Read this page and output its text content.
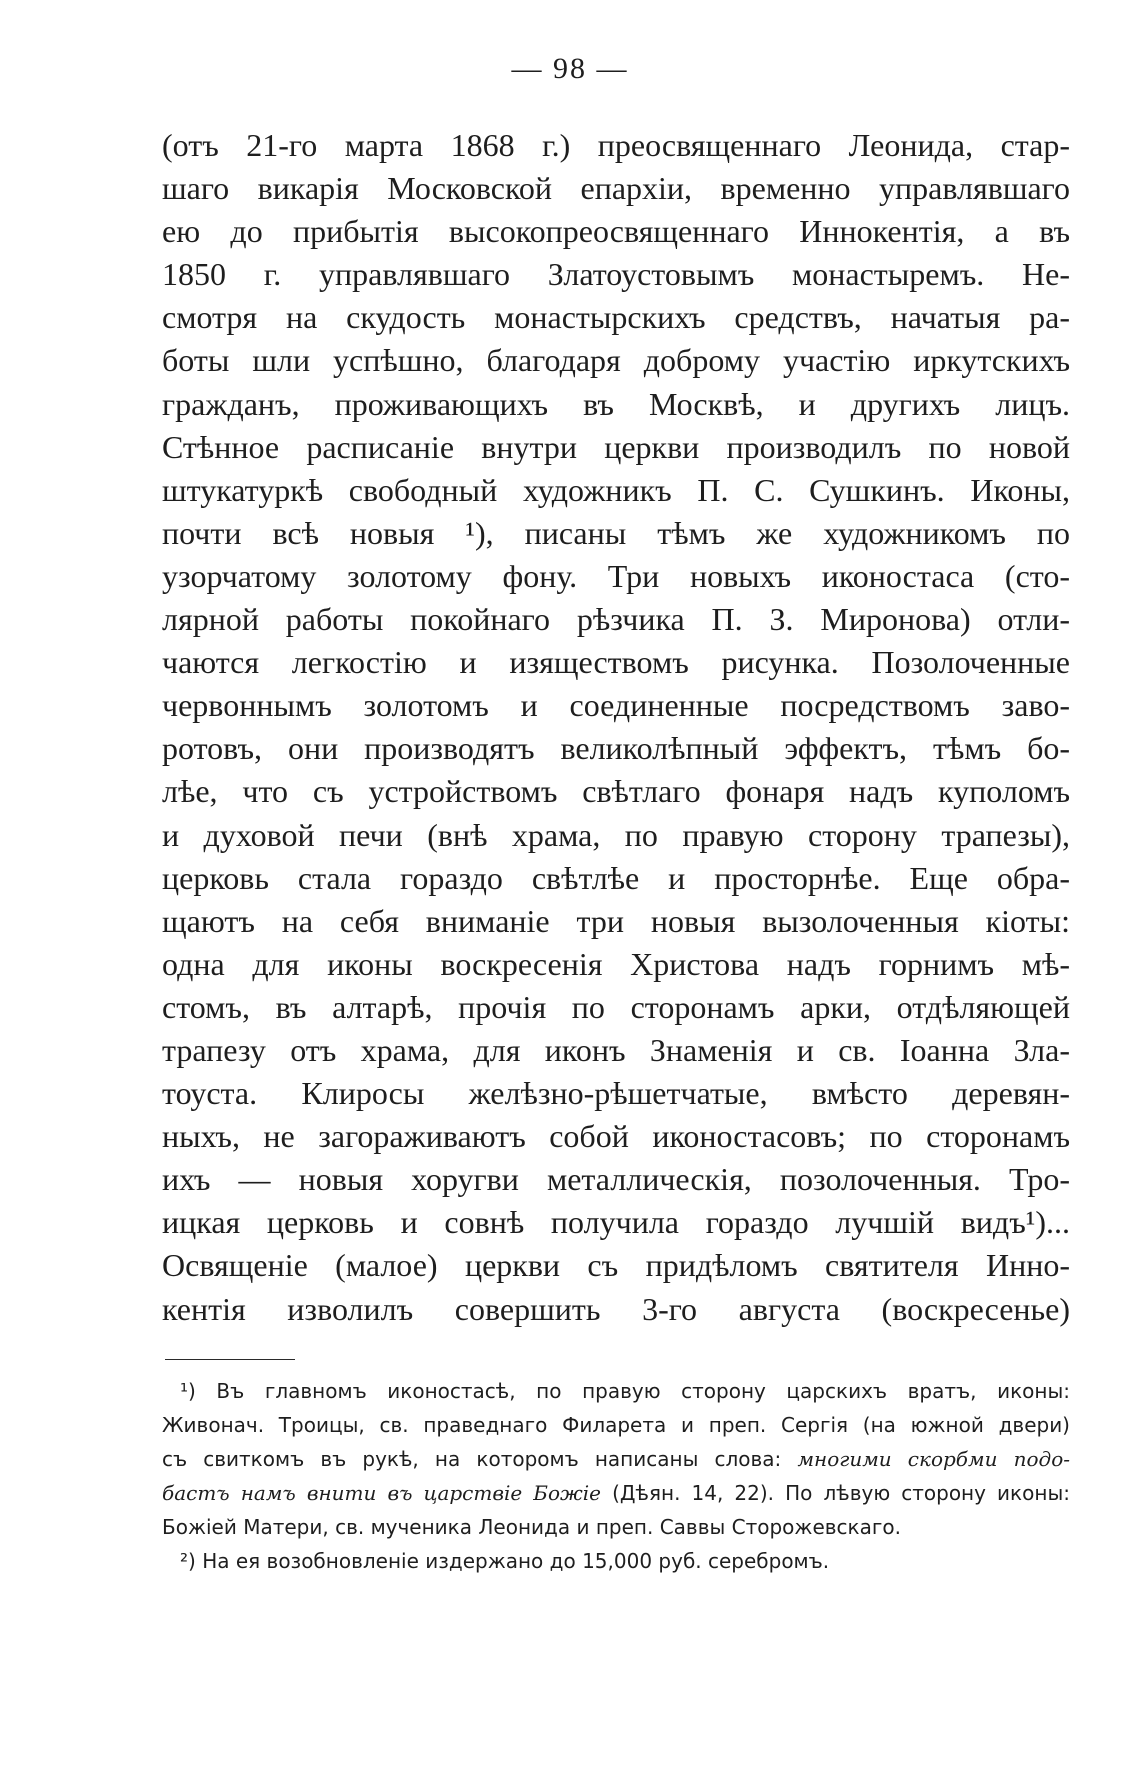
— 98 —
(отъ 21-го марта 1868 г.) преосвященнаго Леонида, стар-
шаго викарія Московской епархіи, временно управлявшаго
ею до прибытія высокопреосвященнаго Иннокентія, а въ
1850 г. управлявшаго Златоустовымъ монастыремъ. Не-
смотря на скудость монастырскихъ средствъ, начатыя ра-
боты шли успѣшно, благодаря доброму участію иркутскихъ
гражданъ, проживающихъ въ Москвѣ, и другихъ лицъ.
Стѣнное расписаніе внутри церкви производилъ по новой
штукатуркѣ свободный художникъ П. С. Сушкинъ. Иконы,
почти всѣ новыя ¹), писаны тѣмъ же художникомъ по
узорчатому золотому фону. Три новыхъ иконостаса (сто-
лярной работы покойнаго рѣзчика П. З. Миронова) отли-
чаются легкостію и изяществомъ рисунка. Позолоченные
червоннымъ золотомъ и соединенные посредствомъ заво-
ротовъ, они производятъ великолѣпный эффектъ, тѣмъ бо-
лѣе, что съ устройствомъ свѣтлаго фонаря надъ куполомъ
и духовой печи (внѣ храма, по правую сторону трапезы),
церковь стала гораздо свѣтлѣе и просторнѣе. Еще обра-
щаютъ на себя вниманіе три новыя вызолоченныя кіоты:
одна для иконы воскресенія Христова надъ горнимъ мѣ-
стомъ, въ алтарѣ, прочія по сторонамъ арки, отдѣляющей
трапезу отъ храма, для иконъ Знаменія и св. Іоанна Зла-
тоуста. Клиросы желѣзно-рѣшетчатые, вмѣсто деревян-
ныхъ, не загораживаютъ собой иконостасовъ; по сторонамъ
ихъ — новыя хоругви металлическія, позолоченныя. Тро-
ицкая церковь и совнѣ получила гораздо лучшій видъ¹)...
Освященіе (малое) церкви съ придѣломъ святителя Инно-
кентія изволилъ совершить 3-го августа (воскресенье)
¹) Въ главномъ иконостасѣ, по правую сторону царскихъ вратъ, иконы:
Живонач. Троицы, св. праведнаго Филарета и преп. Сергія (на южной двери)
съ свиткомъ въ рукѣ, на которомъ написаны слова: многими скорбми подо-
бастъ намъ внити въ царствіе Божіе (Дѣян. 14, 22). По лѣвую сторону иконы:
Божіей Матери, св. мученика Леонида и преп. Саввы Сторожевскаго.
²) На ея возобновленіе издержано до 15,000 руб. серебромъ.
